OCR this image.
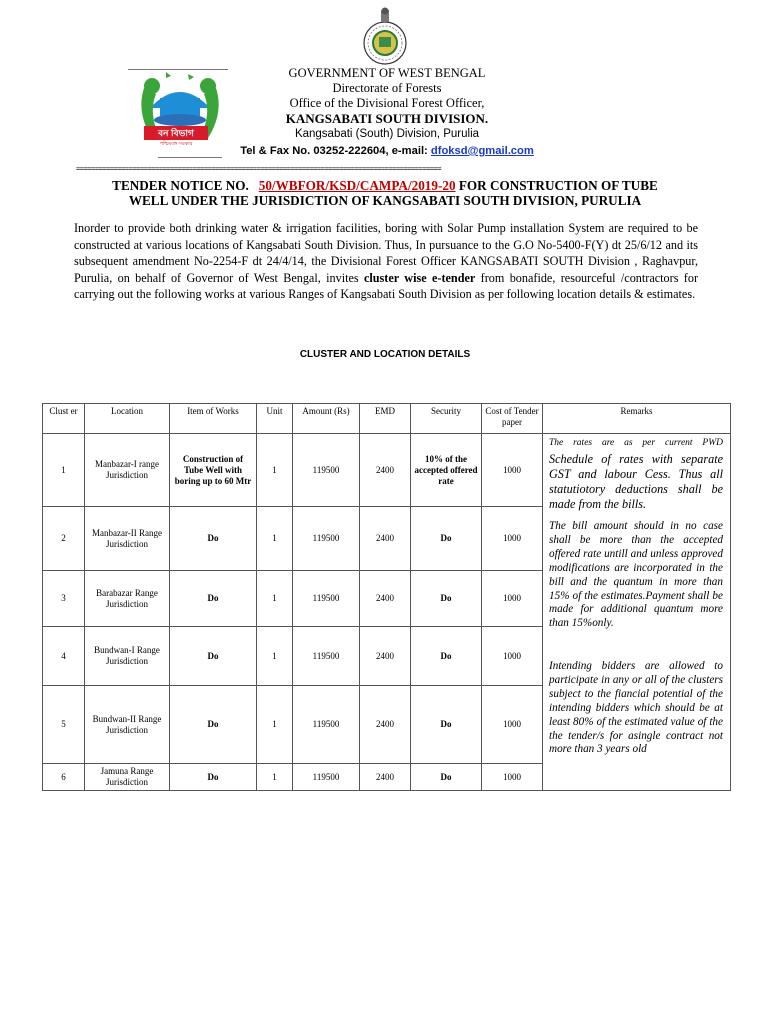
বন বিভাগ
পশ্চিমবঙ্গ সরকার
GOVERNMENT OF WEST BENGAL
Directorate of Forests
Office of the Divisional Forest Officer,
KANGSABATI SOUTH DIVISION.
Kangsabati (South) Division, Purulia
Tel & Fax No. 03252-222604, e-mail: dfoksd@gmail.com
=================================================================================================
TENDER NOTICE NO. 50/WBFOR/KSD/CAMPA/2019-20 FOR CONSTRUCTION OF TUBE
WELL UNDER THE JURISDICTION OF KANGSABATI SOUTH DIVISION, PURULIA
Inorder to provide both drinking water & irrigation facilities, boring with Solar Pump installation System are required to be constructed at various locations of Kangsabati South Division. Thus, In pursuance to the G.O No-5400-F(Y) dt 25/6/12 and its subsequent amendment No-2254-F dt 24/4/14, the Divisional Forest Officer KANGSABATI SOUTH Division , Raghavpur, Purulia, on behalf of Governor of West Bengal, invites cluster wise e-tender from bonafide, resourceful /contractors for carrying out the following works at various Ranges of Kangsabati South Division as per following location details & estimates.
CLUSTER AND LOCATION DETAILS
Clust er	Location	Item of Works	Unit	Amount (Rs)	EMD	Security	Cost of Tender paper	Remarks
1	Manbazar-I range Jurisdiction	Construction of Tube Well with boring up to 60 Mtr	1	119500	2400	10% of the accepted offered rate	1000	
2	Manbazar-II Range Jurisdiction	Do	1	119500	2400	Do	1000	
3	Barabazar Range Jurisdiction	Do	1	119500	2400	Do	1000	
4	Bundwan-I Range Jurisdiction	Do	1	119500	2400	Do	1000	
5	Bundwan-II Range Jurisdiction	Do	1	119500	2400	Do	1000	
6	Jamuna Range Jurisdiction	Do	1	119500	2400	Do	1000	
The rates are as per current PWD
Schedule of rates with separate GST and labour Cess. Thus all statutiotory deductions shall be made from the bills.
The bill amount should in no case shall be more than the accepted offered rate untill and unless approved modifications are incorporated in the bill and the quantum in more than 15% of the estimates.Payment shall be made for additional quantum more than 15%only.
Intending bidders are allowed to participate in any or all of the clusters subject to the fiancial potential of the intending bidders which should be at least 80% of the estimated value of the the tender/s for asingle contract not more than 3 years old
